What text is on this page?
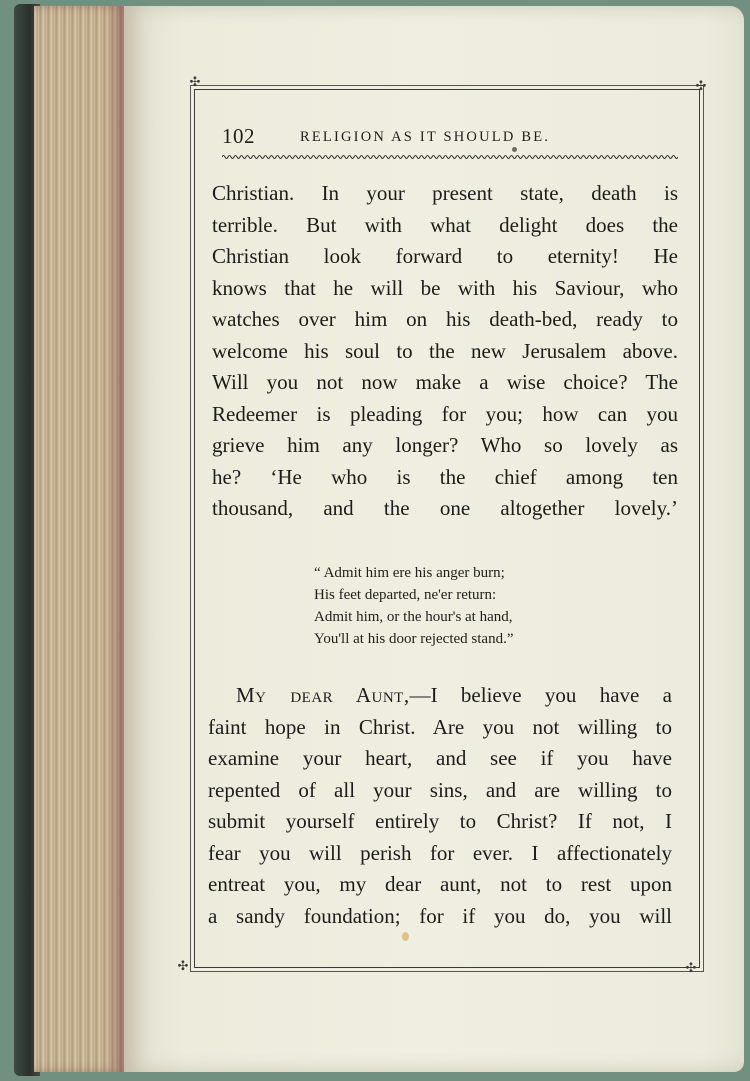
✣	✣
✣	✣
102	RELIGION AS IT SHOULD BE.
Christian. In your present state, death is
terrible. But with what delight does the
Christian look forward to eternity! He
knows that he will be with his Saviour, who
watches over him on his death-bed, ready to
welcome his soul to the new Jerusalem above.
Will you not now make a wise choice? The
Redeemer is pleading for you; how can you
grieve him any longer? Who so lovely as
he? ‘He who is the chief among ten
thousand, and the one altogether lovely.’
“ Admit him ere his anger burn;
His feet departed, ne'er return:
Admit him, or the hour's at hand,
You'll at his door rejected stand.”
My dear Aunt,—I believe you have a
faint hope in Christ. Are you not willing to
examine your heart, and see if you have
repented of all your sins, and are willing to
submit yourself entirely to Christ? If not, I
fear you will perish for ever. I affectionately
entreat you, my dear aunt, not to rest upon
a sandy foundation; for if you do, you will
